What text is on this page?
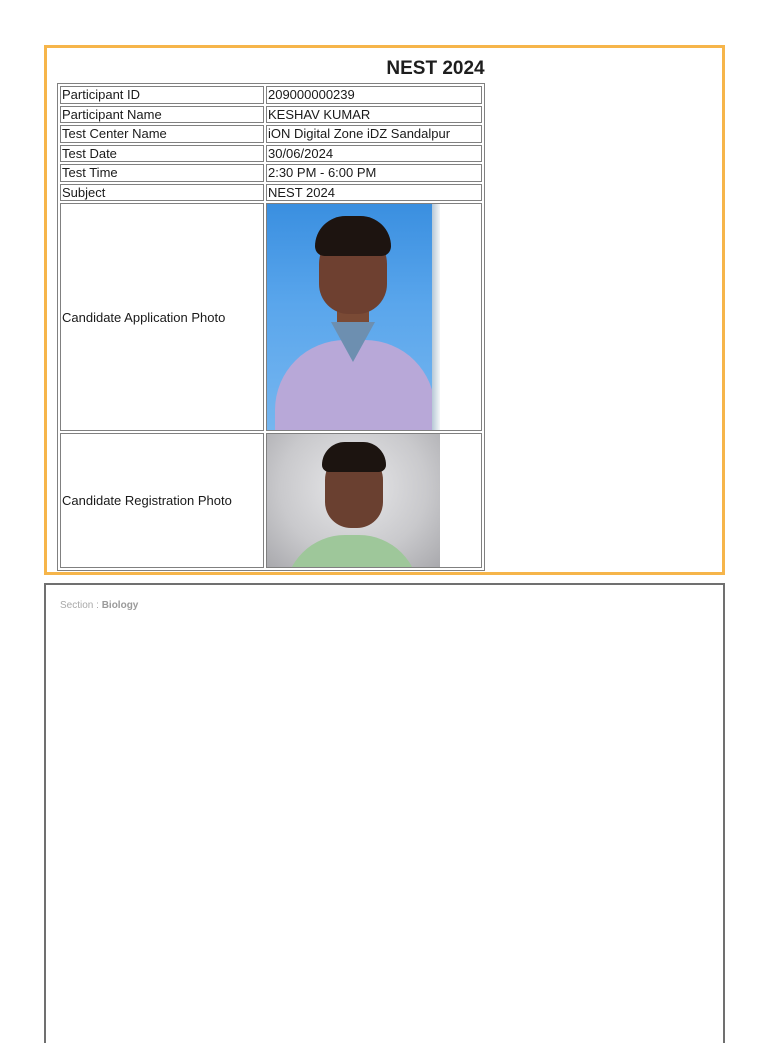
NEST 2024
Participant ID	209000000239
Participant Name	KESHAV KUMAR
Test Center Name	iON Digital Zone iDZ Sandalpur
Test Date	30/06/2024
Test Time	2:30 PM - 6:00 PM
Subject	NEST 2024
Candidate Application Photo	

Candidate Registration Photo	
Section : Biology
